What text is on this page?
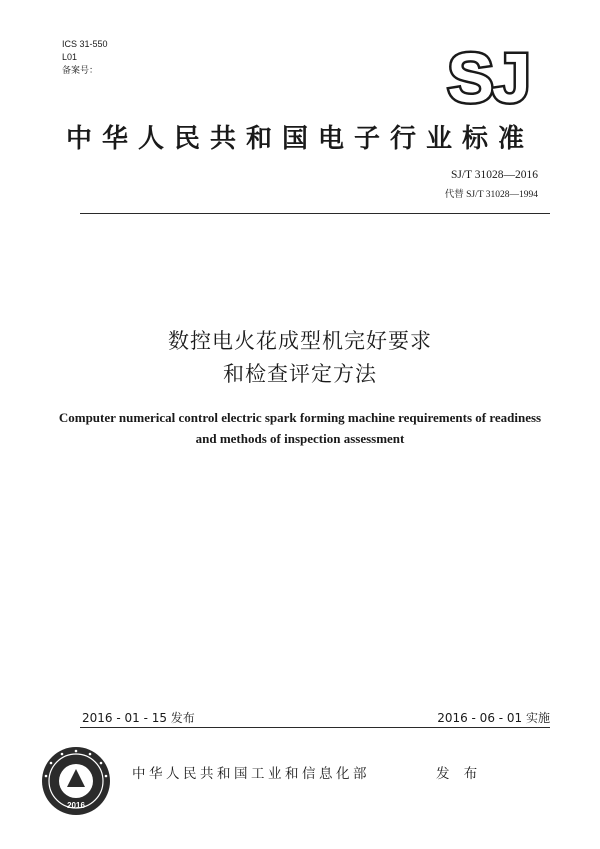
ICS 31-550
L01
备案号：	SJ
中华人民共和国电子行业标准
SJ/T 31028—2016
代替 SJ/T 31028—1994
数控电火花成型机完好要求
和检查评定方法
Computer numerical control electric spark forming machine requirements of readiness and methods of inspection assessment
2016 - 01 - 15 发布	2016 - 06 - 01 实施
2016
中华人民共和国工业和信息化部	发 布
